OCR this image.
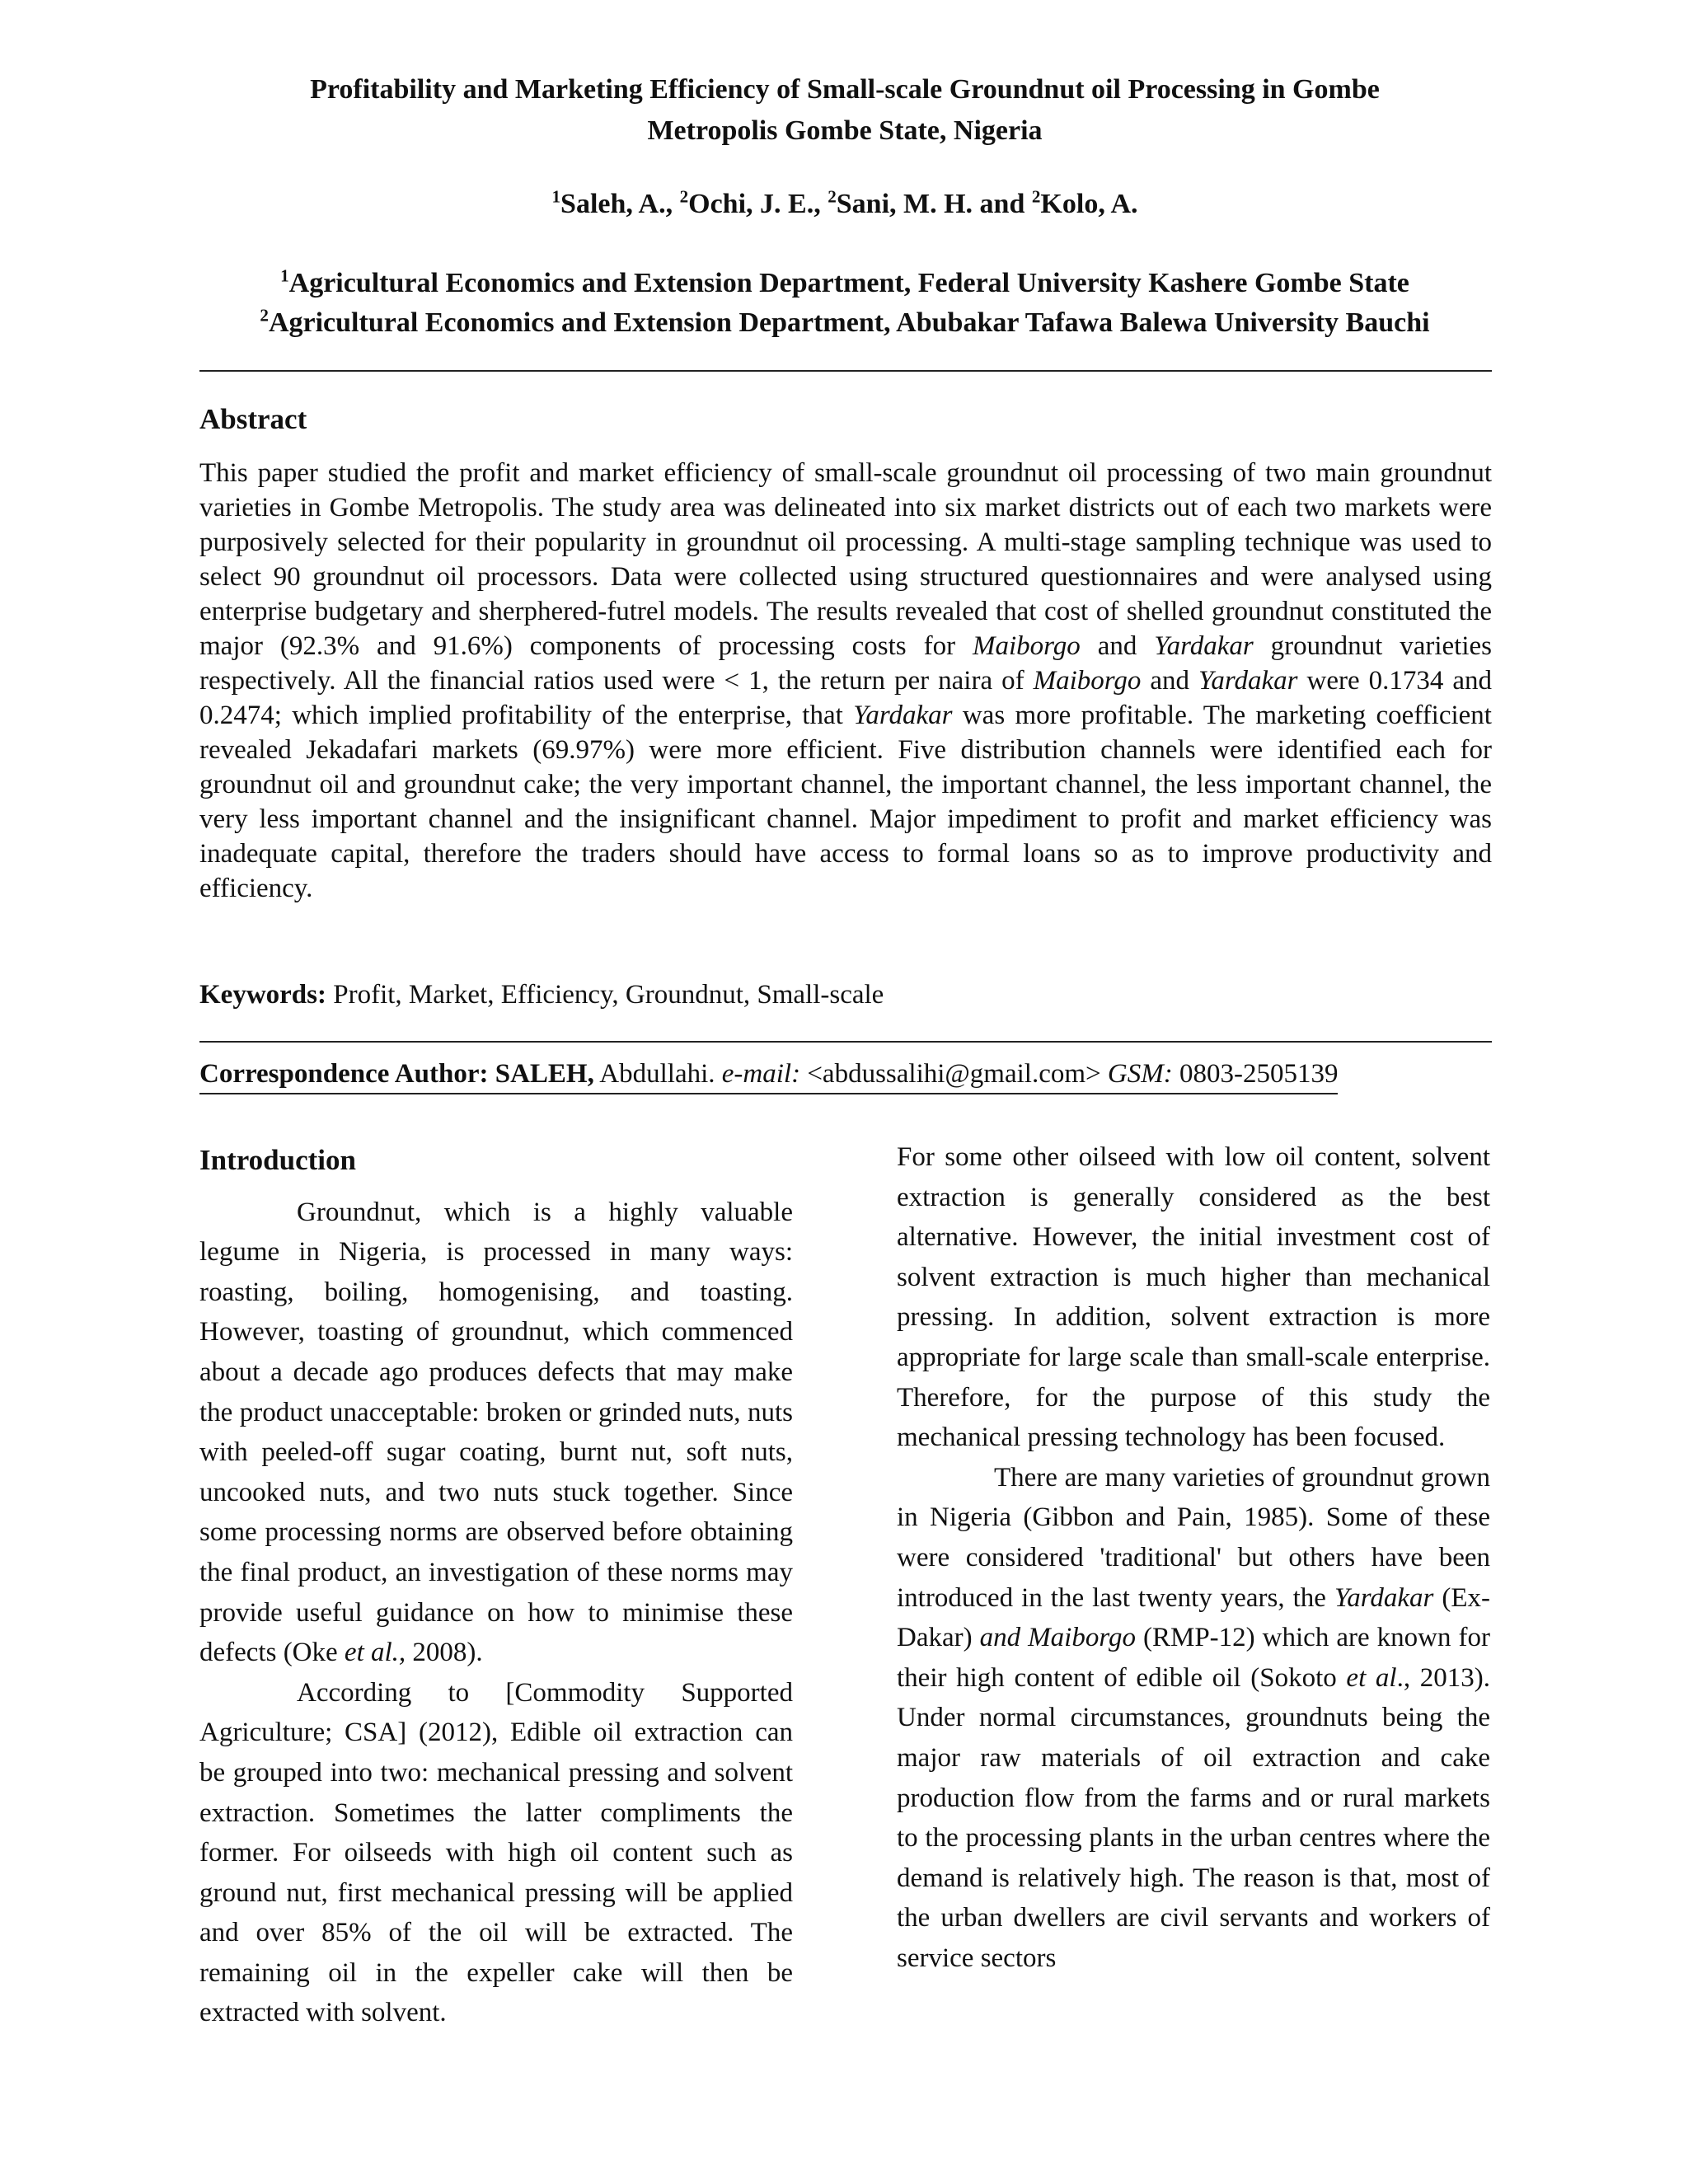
Profitability and Marketing Efficiency of Small-scale Groundnut oil Processing in Gombe
Metropolis Gombe State, Nigeria
$^1$Saleh, A., $^2$Ochi, J. E., $^2$Sani, M. H. and $^2$Kolo, A.
$^1$Agricultural Economics and Extension Department, Federal University Kashere Gombe State
$^2$Agricultural Economics and Extension Department, Abubakar Tafawa Balewa University Bauchi
Abstract
This paper studied the profit and market efficiency of small-scale groundnut oil processing of two main groundnut varieties in Gombe Metropolis. The study area was delineated into six market districts out of each two markets were purposively selected for their popularity in groundnut oil processing. A multi-stage sampling technique was used to select 90 groundnut oil processors. Data were collected using structured questionnaires and were analysed using enterprise budgetary and sherphered-futrel models. The results revealed that cost of shelled groundnut constituted the major (92.3% and 91.6%) components of processing costs for Maiborgo and Yardakar groundnut varieties respectively. All the financial ratios used were < 1, the return per naira of Maiborgo and Yardakar were 0.1734 and 0.2474; which implied profitability of the enterprise, that Yardakar was more profitable. The marketing coefficient revealed Jekadafari markets (69.97%) were more efficient. Five distribution channels were identified each for groundnut oil and groundnut cake; the very important channel, the important channel, the less important channel, the very less important channel and the insignificant channel. Major impediment to profit and market efficiency was inadequate capital, therefore the traders should have access to formal loans so as to improve productivity and efficiency.
Keywords: Profit, Market, Efficiency, Groundnut, Small-scale
Correspondence Author: SALEH, Abdullahi. e-mail: <abdussalihi@gmail.com> GSM: 0803-2505139
Introduction

Groundnut, which is a highly valuable legume in Nigeria, is processed in many ways: roasting, boiling, homogenising, and toasting. However, toasting of groundnut, which commenced about a decade ago produces defects that may make the product unacceptable: broken or grinded nuts, nuts with peeled-off sugar coating, burnt nut, soft nuts, uncooked nuts, and two nuts stuck together. Since some processing norms are observed before obtaining the final product, an investigation of these norms may provide useful guidance on how to minimise these defects (Oke et al., 2008).

According to [Commodity Supported Agriculture; CSA] (2012), Edible oil extraction can be grouped into two: mechanical pressing and solvent extraction. Sometimes the latter compliments the former. For oilseeds with high oil content such as ground nut, first mechanical pressing will be applied and over 85% of the oil will be extracted. The remaining oil in the expeller cake will then be extracted with solvent.

For some other oilseed with low oil content, solvent extraction is generally considered as the best alternative. However, the initial investment cost of solvent extraction is much higher than mechanical pressing. In addition, solvent extraction is more appropriate for large scale than small-scale enterprise. Therefore, for the purpose of this study the mechanical pressing technology has been focused.

There are many varieties of groundnut grown in Nigeria (Gibbon and Pain, 1985). Some of these were considered 'traditional' but others have been introduced in the last twenty years, the Yardakar (Ex-Dakar) and Maiborgo (RMP-12) which are known for their high content of edible oil (Sokoto et al., 2013). Under normal circumstances, groundnuts being the major raw materials of oil extraction and cake production flow from the farms and or rural markets to the processing plants in the urban centres where the demand is relatively high. The reason is that, most of the urban dwellers are civil servants and workers of service sectors
